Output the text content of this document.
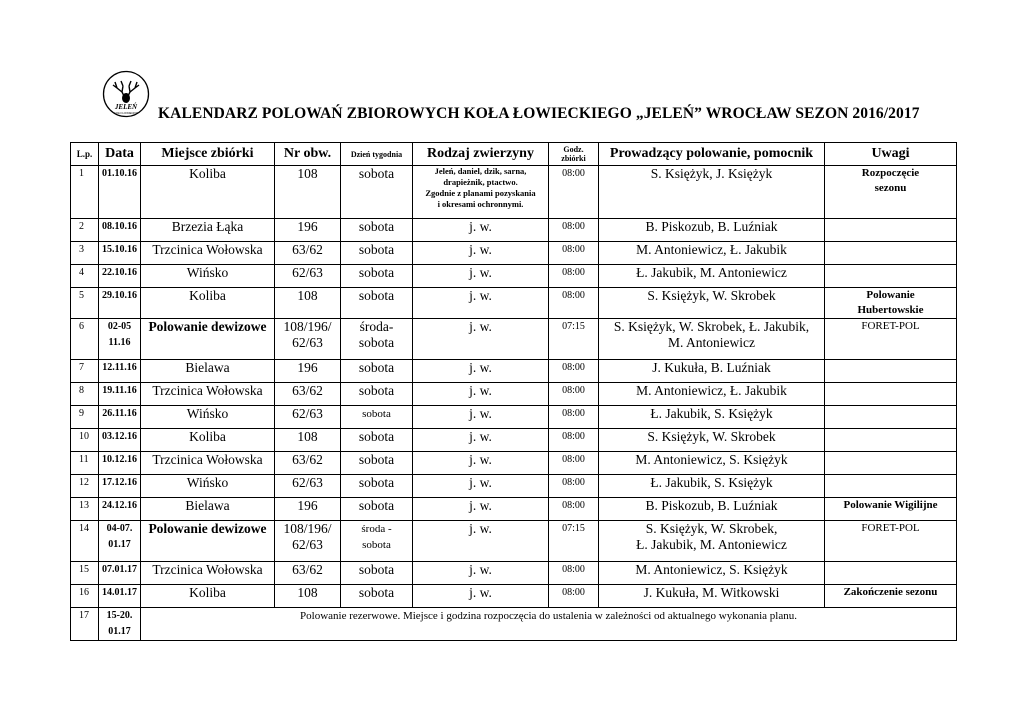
JELEŃ
KOŁO ŁOWIECKIE KALENDARZ POLOWAŃ ZBIOROWYCH KOŁA ŁOWIECKIEGO „JELEŃ” WROCŁAW SEZON 2016/2017
L.p.	Data	Miejsce zbiórki	Nr obw.	Dzień tygodnia	Rodzaj zwierzyny	Godz. zbiórki	Prowadzący polowanie, pomocnik	Uwagi
1	01.10.16	Koliba	108	sobota	Jeleń, daniel, dzik, sarna,
drapieżnik, ptactwo.
Zgodnie z planami pozyskania
i okresami ochronnymi.	08:00	S. Księżyk, J. Księżyk	Rozpoczęcie
sezonu

2	08.10.16	Brzezia Łąka	196	sobota	j. w.	08:00	B. Piskozub, B. Luźniak	

3	15.10.16	Trzcinica Wołowska	63/62	sobota	j. w.	08:00	M. Antoniewicz, Ł. Jakubik	

4	22.10.16	Wińsko	62/63	sobota	j. w.	08:00	Ł. Jakubik, M. Antoniewicz	

5	29.10.16	Koliba	108	sobota	j. w.	08:00	S. Księżyk, W. Skrobek	Polowanie
Hubertowskie

6	02-05
11.16	Polowanie dewizowe	108/196/
62/63	środa-
sobota	j. w.	07:15	S. Księżyk, W. Skrobek, Ł. Jakubik,
M. Antoniewicz	FORET-POL

7	12.11.16	Bielawa	196	sobota	j. w.	08:00	J. Kukuła, B. Luźniak	

8	19.11.16	Trzcinica Wołowska	63/62	sobota	j. w.	08:00	M. Antoniewicz, Ł. Jakubik	

9	26.11.16	Wińsko	62/63	sobota	j. w.	08:00	Ł. Jakubik, S. Księżyk	

10	03.12.16	Koliba	108	sobota	j. w.	08:00	S. Księżyk, W. Skrobek	

11	10.12.16	Trzcinica Wołowska	63/62	sobota	j. w.	08:00	M. Antoniewicz, S. Księżyk	

12	17.12.16	Wińsko	62/63	sobota	j. w.	08:00	Ł. Jakubik, S. Księżyk	

13	24.12.16	Bielawa	196	sobota	j. w.	08:00	B. Piskozub, B. Luźniak	Polowanie Wigilijne

14	04-07.
01.17	Polowanie dewizowe	108/196/
62/63	środa -
sobota	j. w.	07:15	S. Księżyk, W. Skrobek,
Ł. Jakubik, M. Antoniewicz	FORET-POL

15	07.01.17	Trzcinica Wołowska	63/62	sobota	j. w.	08:00	M. Antoniewicz, S. Księżyk	

16	14.01.17	Koliba	108	sobota	j. w.	08:00	J. Kukuła, M. Witkowski	Zakończenie sezonu

17	15-20.
01.17	Polowanie rezerwowe. Miejsce i godzina rozpoczęcia do ustalenia w zależności od aktualnego wykonania planu.						
